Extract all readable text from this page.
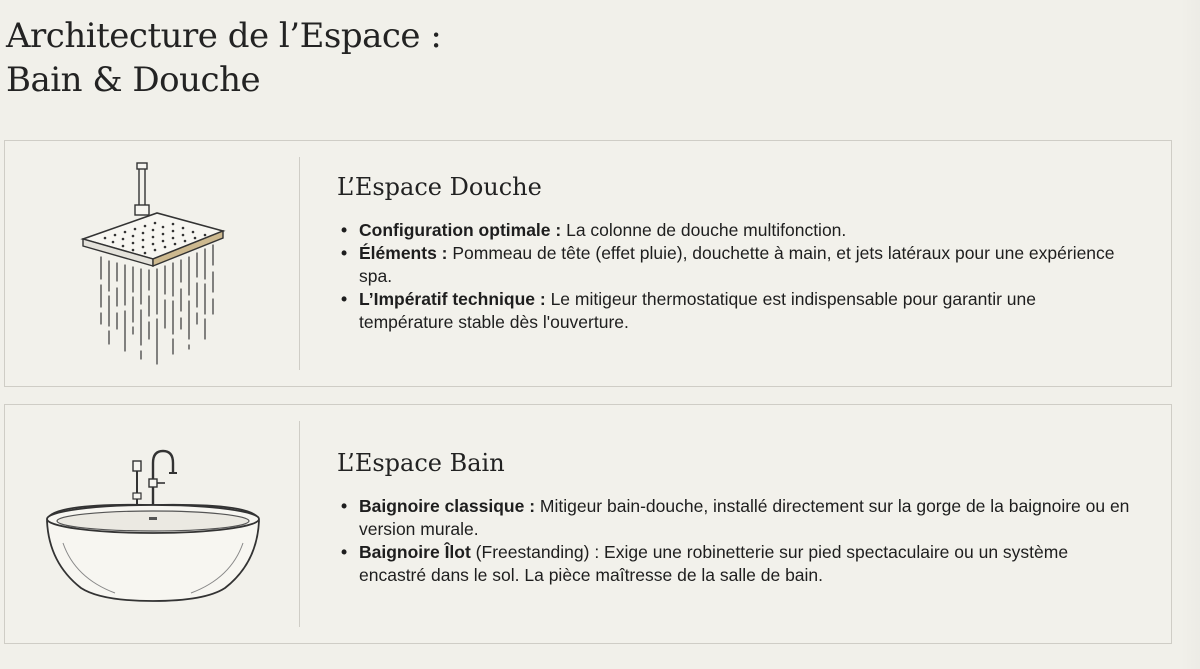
Architecture de l’Espace :
Bain & Douche
L’Espace Douche
• Configuration optimale : La colonne de douche multifonction.
• Éléments : Pommeau de tête (effet pluie), douchette à main, et jets latéraux pour une expérience spa.
• L’Impératif technique : Le mitigeur thermostatique est indispensable pour garantir une température stable dès l'ouverture.
L’Espace Bain
• Baignoire classique : Mitigeur bain-douche, installé directement sur la gorge de la baignoire ou en version murale.
• Baignoire Îlot (Freestanding) : Exige une robinetterie sur pied spectaculaire ou un système encastré dans le sol. La pièce maîtresse de la salle de bain.
